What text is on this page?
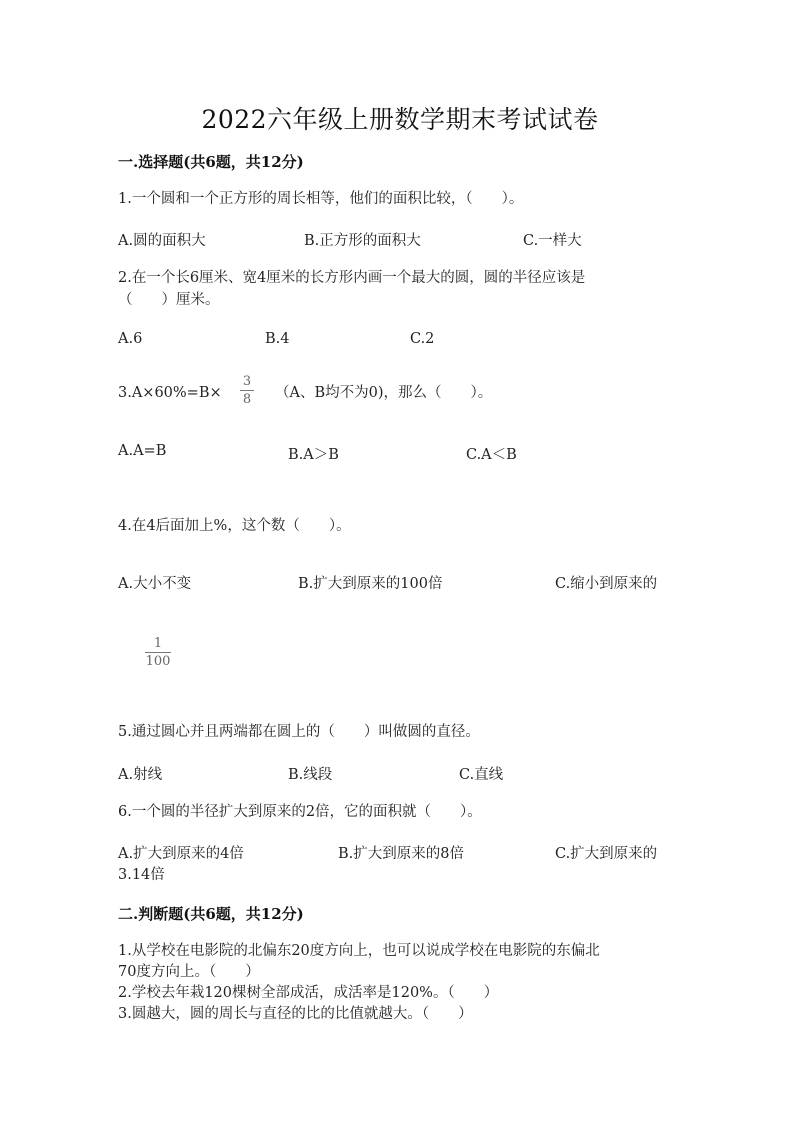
2022六年级上册数学期末考试试卷
一.选择题(共6题，共12分)
1.一个圆和一个正方形的周长相等，他们的面积比较，（　　）。
A.圆的面积大	B.正方形的面积大	C.一样大
2.在一个长6厘米、宽4厘米的长方形内画一个最大的圆，圆的半径应该是
（　　）厘米。
A.6	B.4	C.2
3.A×60%=B×
3
8 （A、B均不为0)，那么（　　）。
A.A=B	B.A＞B	C.A＜B
4.在4后面加上%，这个数（　　）。
A.大小不变	B.扩大到原来的100倍	C.缩小到原来的
1
100
5.通过圆心并且两端都在圆上的（　　）叫做圆的直径。
A.射线	B.线段	C.直线
6.一个圆的半径扩大到原来的2倍，它的面积就（　　）。
A.扩大到原来的4倍	B.扩大到原来的8倍	C.扩大到原来的
3.14倍
二.判断题(共6题，共12分)
1.从学校在电影院的北偏东20度方向上，也可以说成学校在电影院的东偏北
70度方向上。（　　）
2.学校去年栽120棵树全部成活，成活率是120%。（　　）
3.圆越大，圆的周长与直径的比的比值就越大。（　　）
